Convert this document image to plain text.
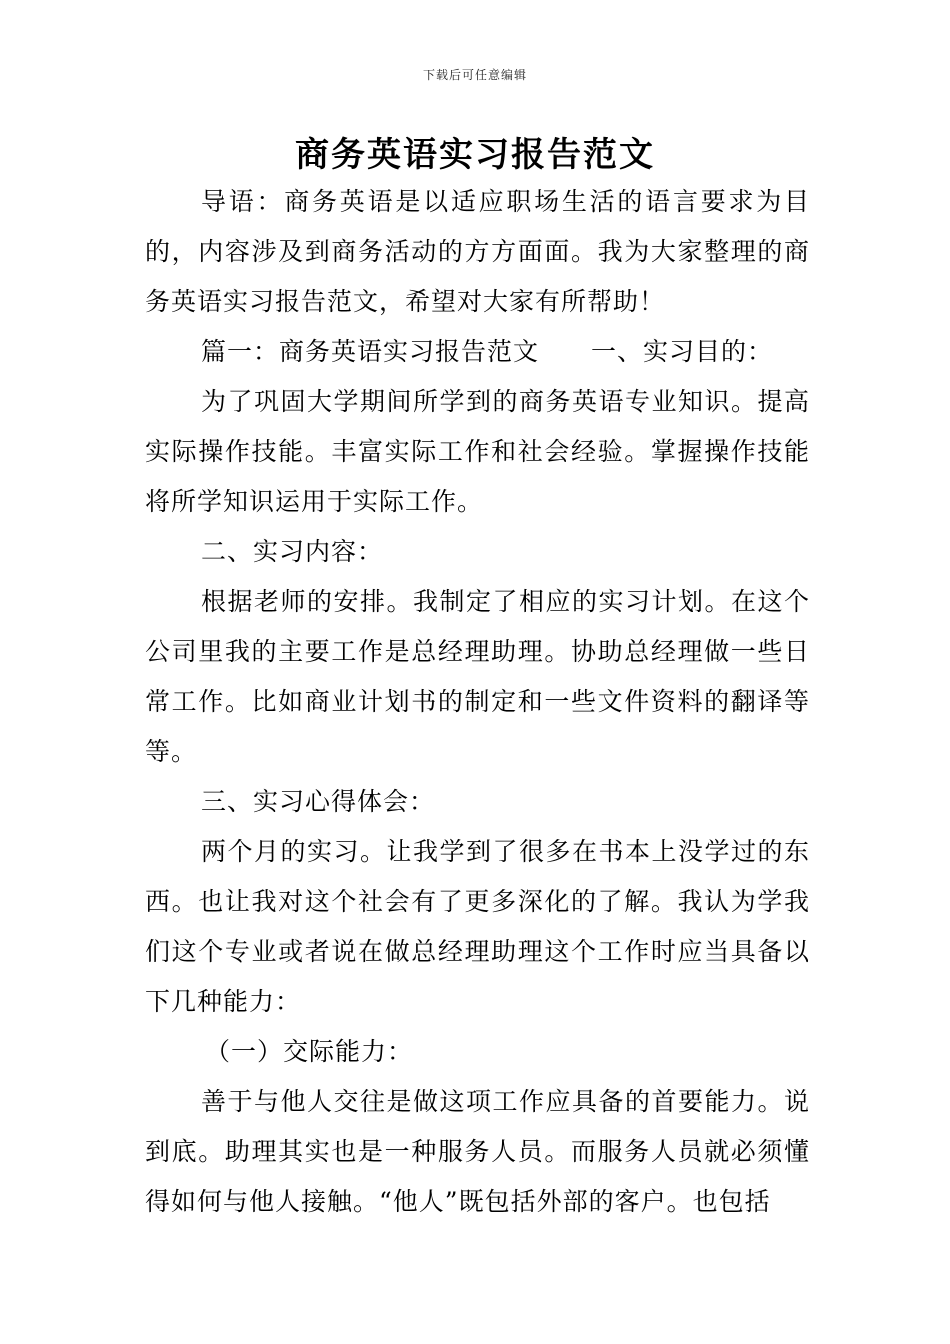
下载后可任意编辑
商务英语实习报告范文

导语：商务英语是以适应职场生活的语言要求为目的，内容涉及到商务活动的方方面面。我为大家整理的商务英语实习报告范文，希望对大家有所帮助！

篇一：商务英语实习报告范文　　一、实习目的：

为了巩固大学期间所学到的商务英语专业知识。提高实际操作技能。丰富实际工作和社会经验。掌握操作技能将所学知识运用于实际工作。

二、实习内容：

根据老师的安排。我制定了相应的实习计划。在这个公司里我的主要工作是总经理助理。协助总经理做一些日常工作。比如商业计划书的制定和一些文件资料的翻译等等。

三、实习心得体会：

两个月的实习。让我学到了很多在书本上没学过的东西。也让我对这个社会有了更多深化的了解。我认为学我们这个专业或者说在做总经理助理这个工作时应当具备以下几种能力：

（一）交际能力：

善于与他人交往是做这项工作应具备的首要能力。说到底。助理其实也是一种服务人员。而服务人员就必须懂得如何与他人接触。“他人”既包括外部的客户。也包括
